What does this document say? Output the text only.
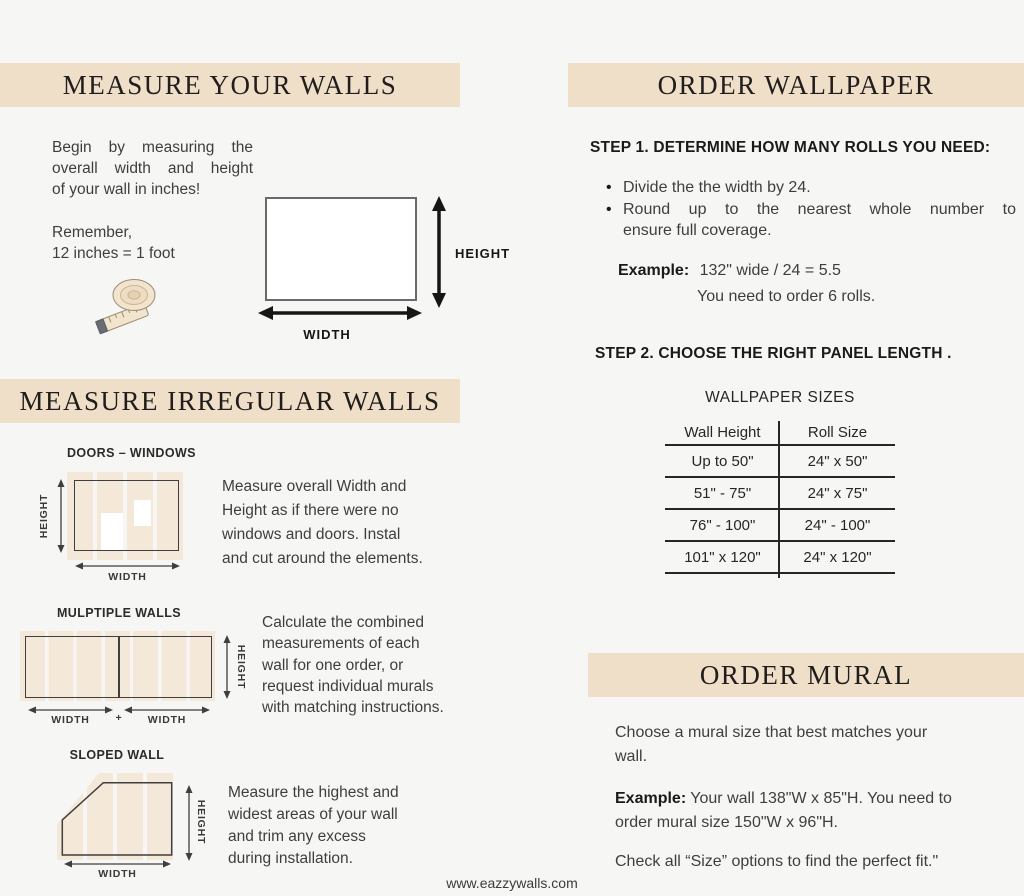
MEASURE YOUR WALLS
Begin by measuring the
overall width and height
of your wall in inches!
Remember,
12 inches = 1 foot	HEIGHT
WIDTH
MEASURE IRREGULAR WALLS
DOORS – WINDOWS
HEIGHT
WIDTH
Measure overall Width and
Height as if there were no
windows and doors. Instal
and cut around the elements.
MULPTIPLE WALLS
HEIGHT
WIDTH	+	WIDTH
Calculate the combined
measurements of each
wall for one order, or
request individual murals
with matching instructions.
SLOPED WALL
HEIGHT
WIDTH
Measure the highest and
widest areas of your wall
and trim any excess
during installation.
ORDER WALLPAPER
STEP 1. DETERMINE HOW MANY ROLLS YOU NEED:
• Divide the the width by 24.
• Round up to the nearest whole number to
ensure full coverage.
Example: 132" wide / 24 = 5.5
You need to order 6 rolls.
STEP 2. CHOOSE THE RIGHT PANEL LENGTH .
WALLPAPER SIZES
Wall Height	Roll Size
Up to 50"	24" x 50"
51" - 75"	24" x 75"
76" - 100"	24" - 100"
101" x 120"	24" x 120"
ORDER MURAL
Choose a mural size that best matches your
wall.
Example: Your wall 138"W x 85"H. You need to
order mural size 150"W x 96"H.
Check all “Size” options to find the perfect fit."
www.eazzywalls.com
